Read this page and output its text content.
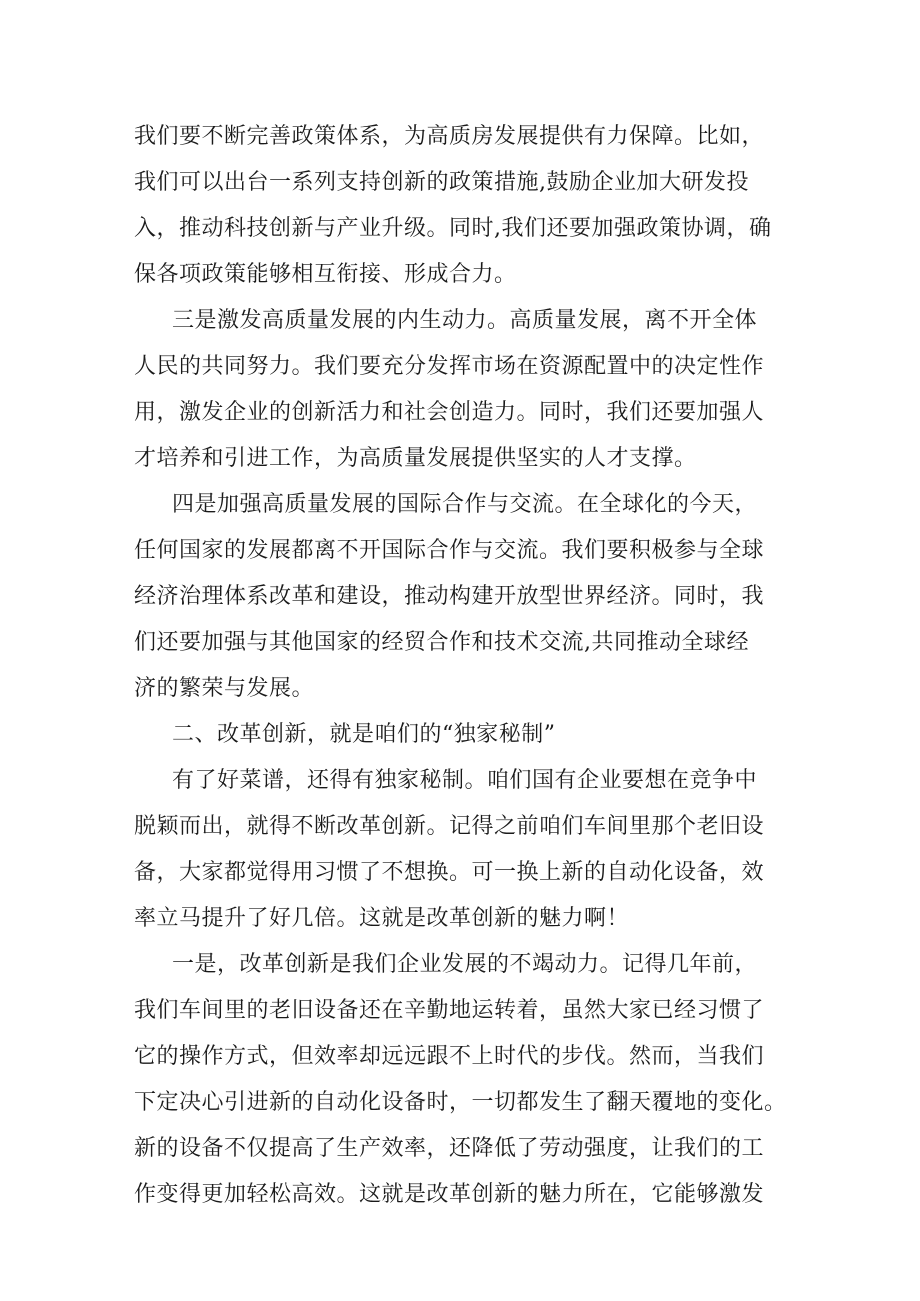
我们要不断完善政策体系，为高质房发展提供有力保障。比如，
我们可以出台一系列支持创新的政策措施,鼓励企业加大研发投
入，推动科技创新与产业升级。同时,我们还要加强政策协调，确
保各项政策能够相互衔接、形成合力。
三是激发高质量发展的内生动力。高质量发展，离不开全体
人民的共同努力。我们要充分发挥市场在资源配置中的决定性作
用，激发企业的创新活力和社会创造力。同时，我们还要加强人
才培养和引进工作，为高质量发展提供坚实的人才支撑。
四是加强高质量发展的国际合作与交流。在全球化的今天，
任何国家的发展都离不开国际合作与交流。我们要积极参与全球
经济治理体系改革和建设，推动构建开放型世界经济。同时，我
们还要加强与其他国家的经贸合作和技术交流,共同推动全球经
济的繁荣与发展。
二、改革创新，就是咱们的“独家秘制”
有了好菜谱，还得有独家秘制。咱们国有企业要想在竞争中
脱颖而出，就得不断改革创新。记得之前咱们车间里那个老旧设
备，大家都觉得用习惯了不想换。可一换上新的自动化设备，效
率立马提升了好几倍。这就是改革创新的魅力啊！
一是，改革创新是我们企业发展的不竭动力。记得几年前，
我们车间里的老旧设备还在辛勤地运转着，虽然大家已经习惯了
它的操作方式，但效率却远远跟不上时代的步伐。然而，当我们
下定决心引进新的自动化设备时，一切都发生了翻天覆地的变化。
新的设备不仅提高了生产效率，还降低了劳动强度，让我们的工
作变得更加轻松高效。这就是改革创新的魅力所在，它能够激发
